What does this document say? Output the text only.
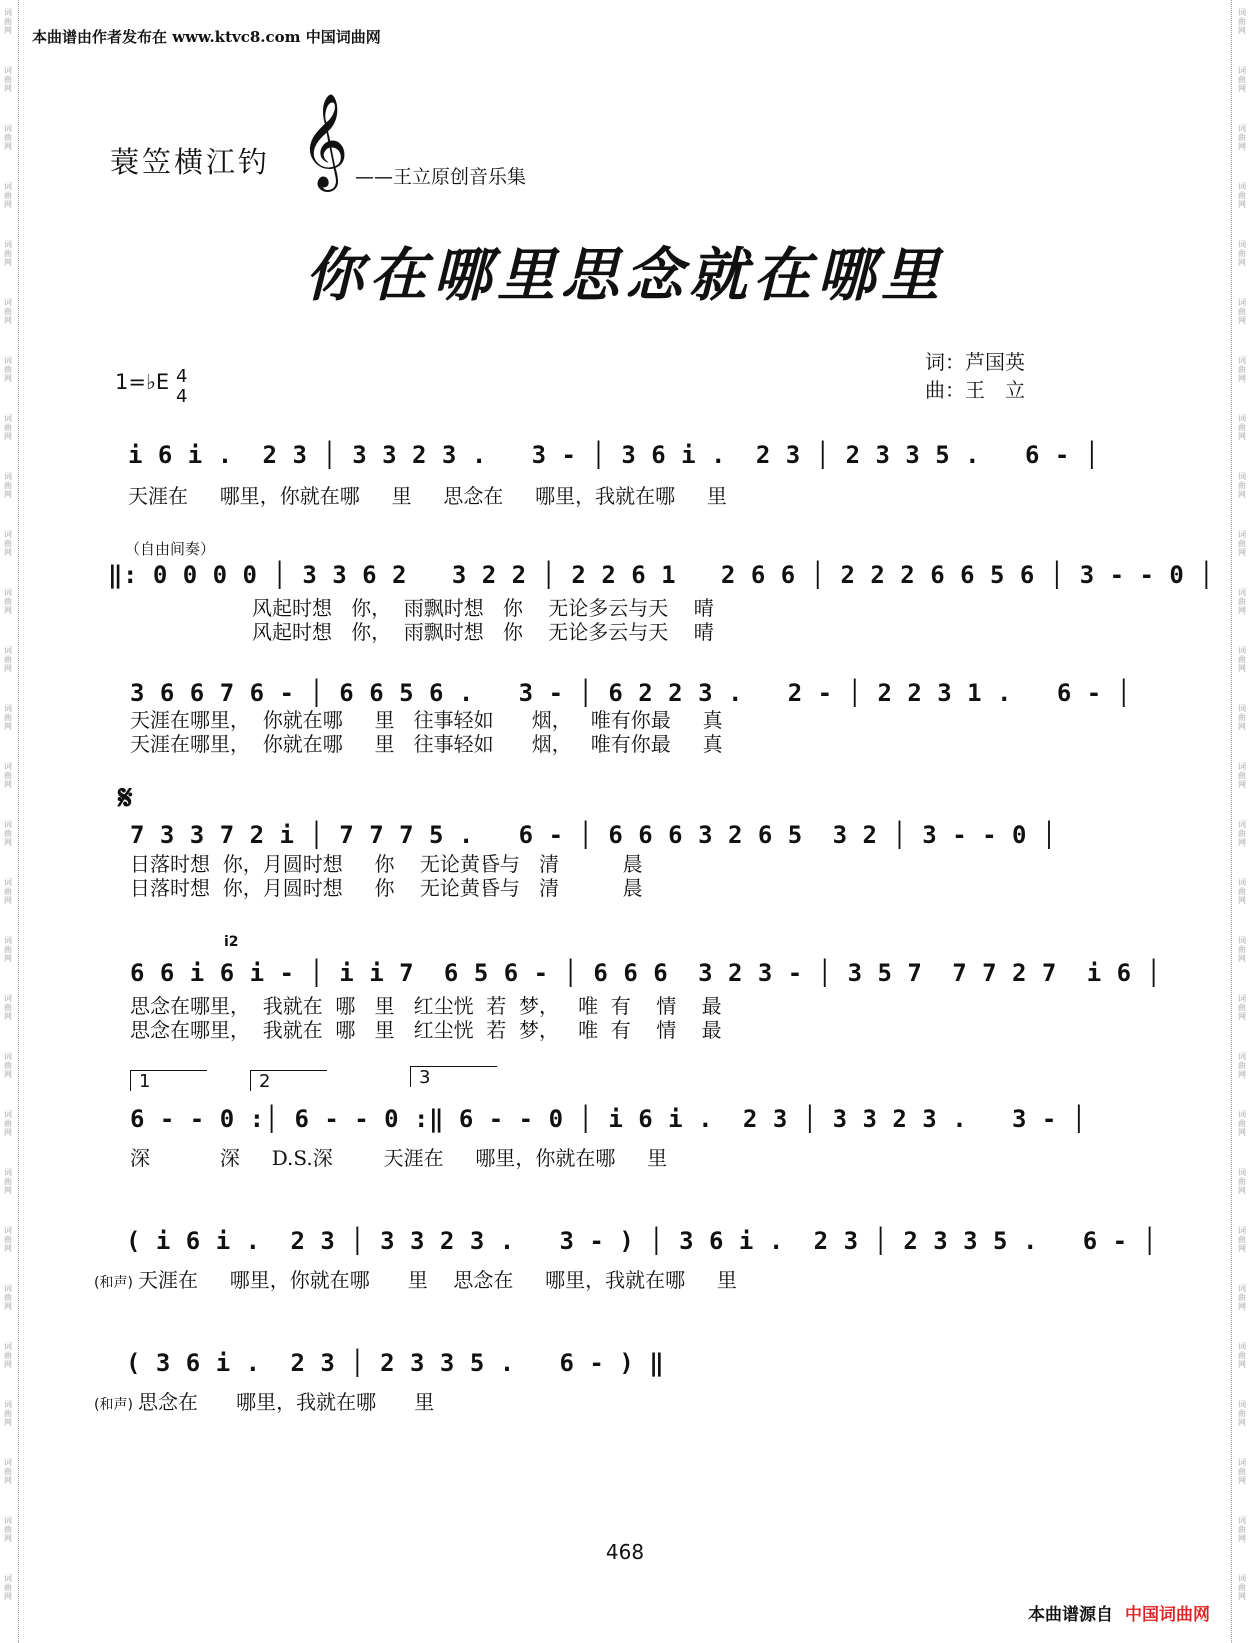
词曲网
词曲网
词曲网
词曲网
词曲网
词曲网
词曲网
词曲网
词曲网
词曲网
词曲网
词曲网
词曲网
词曲网
词曲网
词曲网
词曲网
词曲网
词曲网
词曲网
词曲网
词曲网
词曲网
词曲网
词曲网
词曲网
词曲网
词曲网
词曲网
词曲网
词曲网
词曲网
词曲网
词曲网
词曲网
词曲网
词曲网
词曲网
词曲网
词曲网
词曲网
词曲网
词曲网
词曲网
词曲网
词曲网
词曲网
词曲网
词曲网
词曲网
词曲网
词曲网
词曲网
词曲网
词曲网
词曲网
本曲谱由作者发布在 www.ktvc8.com 中国词曲网
蓑笠横江钓 𝄞 ——王立原创音乐集
你在哪里思念就在哪里
词：芦国英
曲：王　立
1=♭E 4
4
i 6 i .  2 3 │ 3 3 2 3 .   3 - │ 3 6 i .  2 3 │ 2 3 3 5 .   6 - │
天涯在     哪里，你就在哪     里     思念在     哪里，我就在哪     里
（自由间奏）
‖: 0 0 0 0 │ 3 3 6 2   3 2 2 │ 2 2 6 1   2 6 6 │ 2 2 2 6 6 5 6 │ 3 - - 0 │
风起时想   你，  雨飘时想   你    无论多云与天    晴
风起时想   你，  雨飘时想   你    无论多云与天    晴
3 6 6 7 6 - │ 6 6 5 6 .   3 - │ 6 2 2 3 .   2 - │ 2 2 3 1 .   6 - │
天涯在哪里，  你就在哪     里   往事轻如      烟，   唯有你最     真
天涯在哪里，  你就在哪     里   往事轻如      烟，   唯有你最     真
𝄋
7 3 3 7 2 i │ 7 7 7 5 .   6 - │ 6 6 6 3 2 6 5  3 2 │ 3 - - 0 │
日落时想  你，月圆时想     你    无论黄昏与   清          晨
日落时想  你，月圆时想     你    无论黄昏与   清          晨
i2
6 6 i 6 i - │ i i 7  6 5 6 - │ 6 6 6  3 2 3 - │ 3 5 7  7 7 2 7  i 6 │
思念在哪里，  我就在  哪   里   红尘恍  若  梦，   唯  有    情    最
思念在哪里，  我就在  哪   里   红尘恍  若  梦，   唯  有    情    最
1	2	3
6 - - 0 :│ 6 - - 0 :‖ 6 - - 0 │ i 6 i .  2 3 │ 3 3 2 3 .   3 - │
深           深     D.S.深        天涯在     哪里，你就在哪     里
( i 6 i .  2 3 │ 3 3 2 3 .   3 - ) │ 3 6 i .  2 3 │ 2 3 3 5 .   6 - │
(和声) 天涯在     哪里，你就在哪      里    思念在     哪里，我就在哪     里
( 3 6 i .  2 3 │ 2 3 3 5 .   6 - ) ‖
(和声) 思念在      哪里，我就在哪      里
468
本曲谱源自 中国词曲网
